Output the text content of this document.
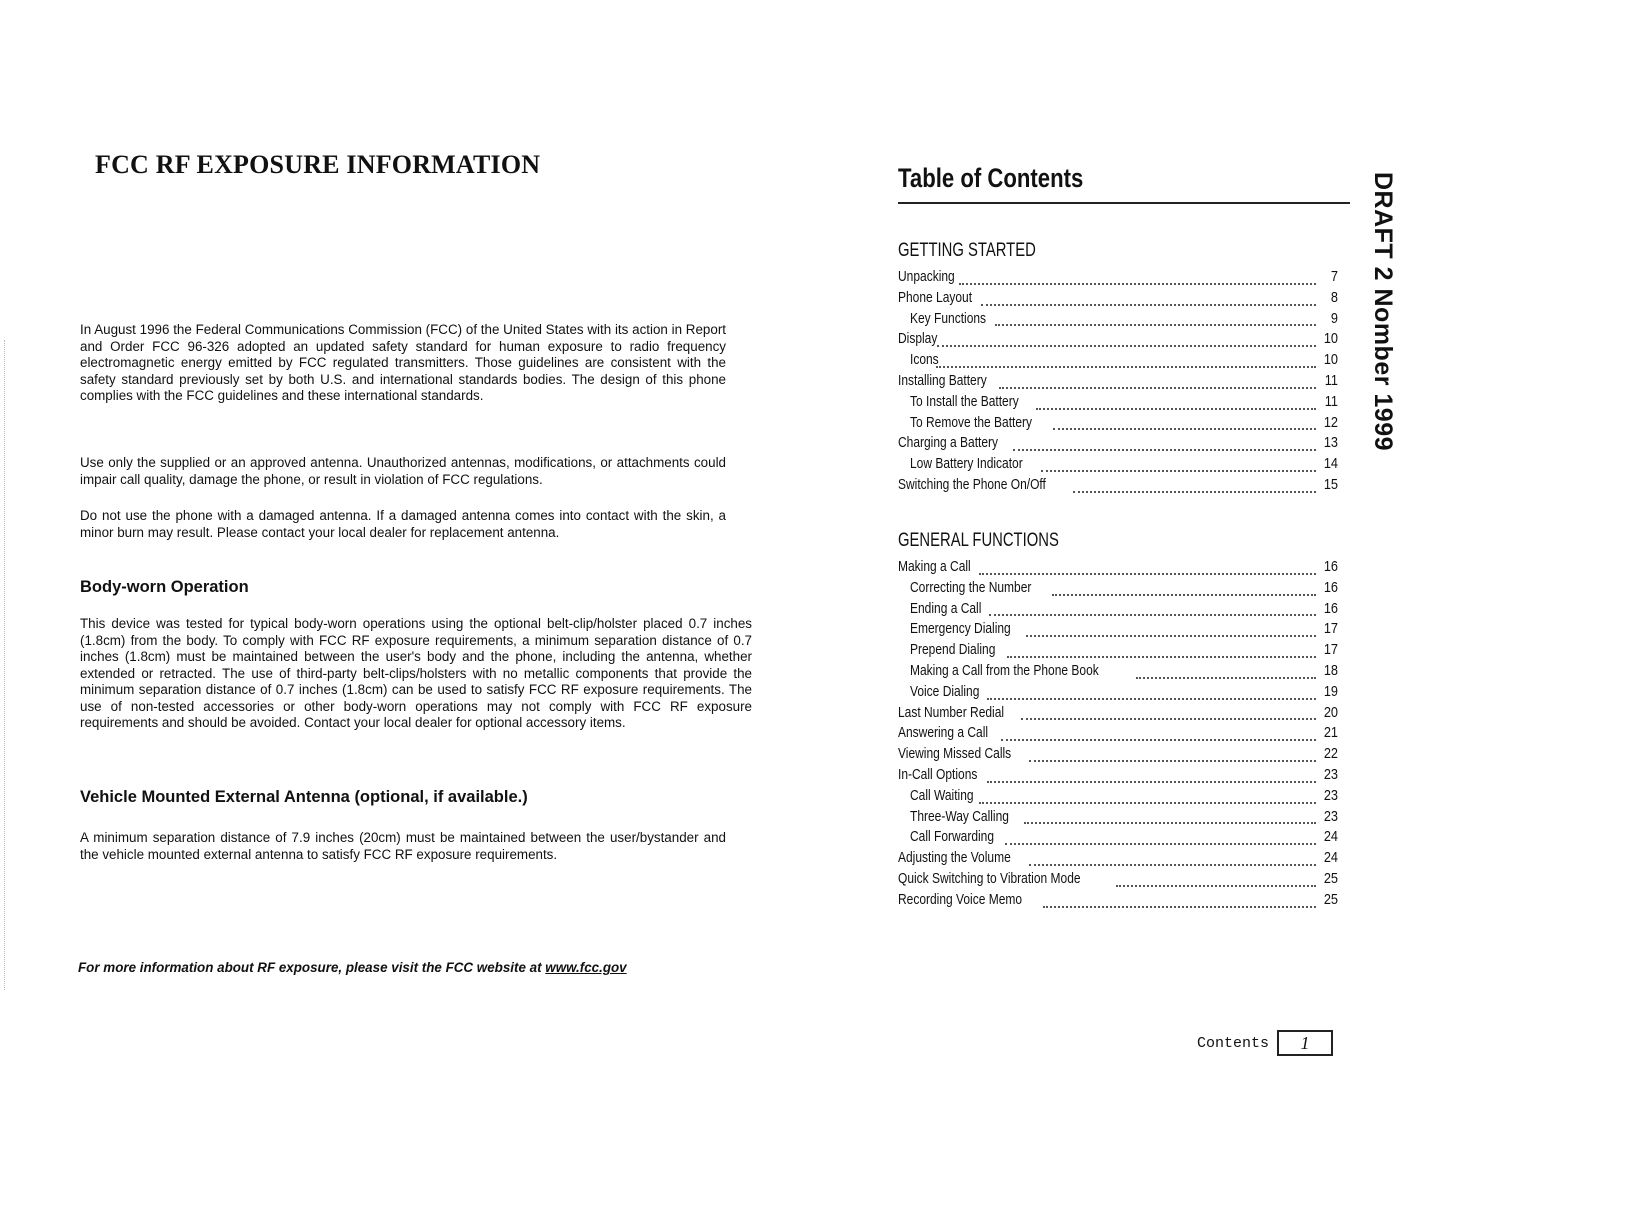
FCC RF EXPOSURE INFORMATION

In August 1996 the Federal Communications Commission (FCC) of the United States with its action in Report and Order FCC 96-326 adopted an updated safety standard for human exposure to radio frequency electromagnetic energy emitted by FCC regulated transmitters. Those guidelines are consistent with the safety standard previously set by both U.S. and international standards bodies. The design of this phone complies with the FCC guidelines and these international standards.

Use only the supplied or an approved antenna. Unauthorized antennas, modifications, or attachments could impair call quality, damage the phone, or result in violation of FCC regulations.

Do not use the phone with a damaged antenna. If a damaged antenna comes into contact with the skin, a minor burn may result. Please contact your local dealer for replacement antenna.

Body-worn Operation

This device was tested for typical body-worn operations using the optional belt-clip/holster placed 0.7 inches (1.8cm) from the body. To comply with FCC RF exposure requirements, a minimum separation distance of 0.7 inches (1.8cm) must be maintained between the user's body and the phone, including the antenna, whether extended or retracted. The use of third-party belt-clips/holsters with no metallic components that provide the minimum separation distance of 0.7 inches (1.8cm) can be used to satisfy FCC RF exposure requirements. The use of non-tested accessories or other body-worn operations may not comply with FCC RF exposure requirements and should be avoided. Contact your local dealer for optional accessory items.

Vehicle Mounted External Antenna (optional, if available.)

A minimum separation distance of 7.9 inches (20cm) must be maintained between the user/bystander and the vehicle mounted external antenna to satisfy FCC RF exposure requirements.

For more information about RF exposure, please visit the FCC website at www.fcc.gov

Table of Contents	DRAFT 2 Nomber 1999
GETTING STARTED
Unpacking	7
Phone Layout	8
Key Functions	9
Display	10
Icons	10
Installing Battery	11
To Install the Battery	11
To Remove the Battery	12
Charging a Battery	13
Low Battery Indicator	14
Switching the Phone On/Off	15
GENERAL FUNCTIONS
Making a Call	16
Correcting the Number	16
Ending a Call	16
Emergency Dialing	17
Prepend Dialing	17
Making a Call from the Phone Book	18
Voice Dialing	19
Last Number Redial	20
Answering a Call	21
Viewing Missed Calls	22
In-Call Options	23
Call Waiting	23
Three-Way Calling	23
Call Forwarding	24
Adjusting the Volume	24
Quick Switching to Vibration Mode	25
Recording Voice Memo	25
Contents	1
